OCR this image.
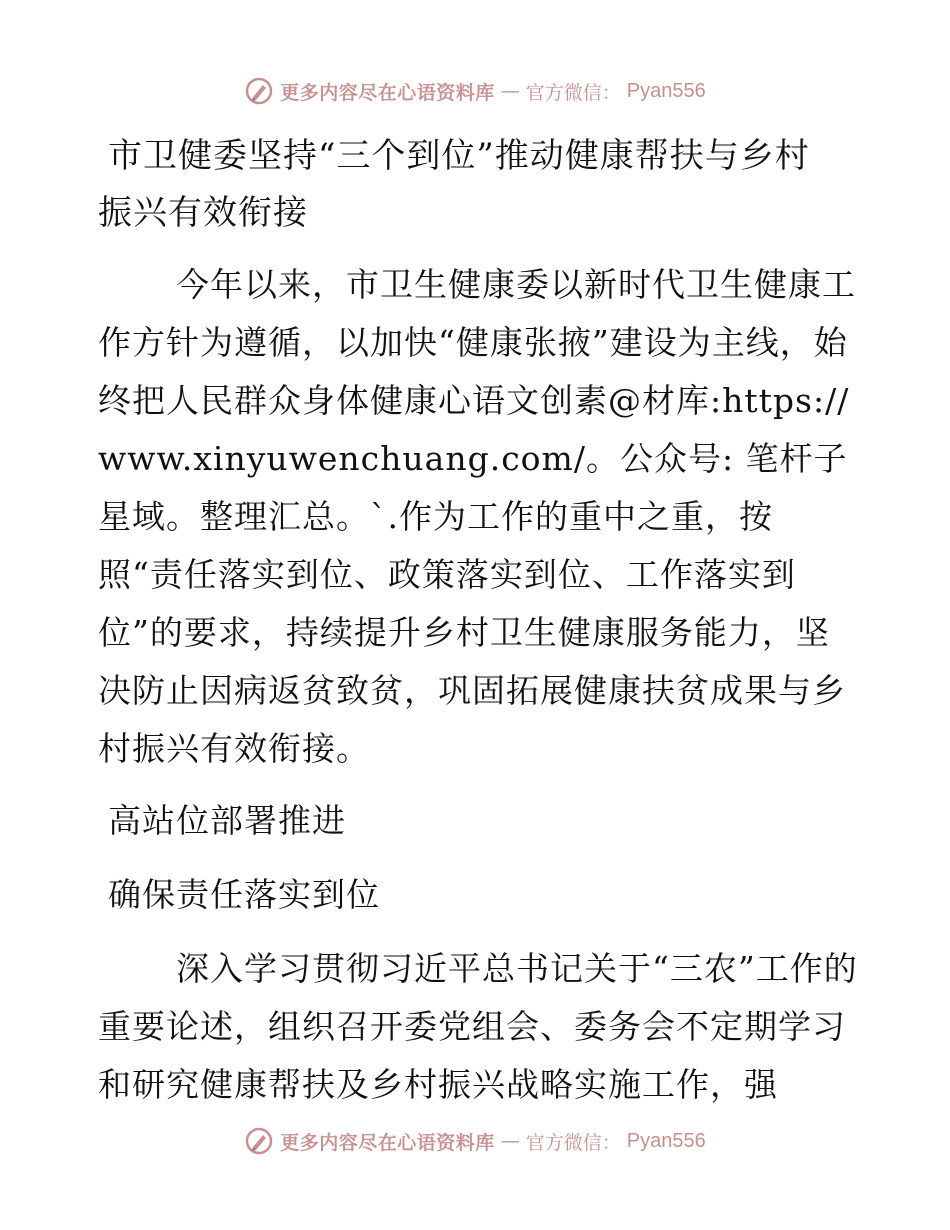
更多内容尽在心语资料库 — 官方微信： Pyan556
市卫健委坚持“三个到位”推动健康帮扶与乡村
振兴有效衔接

今年以来，市卫生健康委以新时代卫生健康工作方针为遵循，以加快“健康张掖”建设为主线，始终把人民群众身体健康心语文创素@材库:https://www.xinyuwenchuang.com/。公众号: 笔杆子星域。整理汇总。`.作为工作的重中之重，按照“责任落实到位、政策落实到位、工作落实到位”的要求，持续提升乡村卫生健康服务能力，坚决防止因病返贫致贫，巩固拓展健康扶贫成果与乡村振兴有效衔接。

高站位部署推进
确保责任落实到位

深入学习贯彻习近平总书记关于“三农”工作的重要论述，组织召开委党组会、委务会不定期学习和研究健康帮扶及乡村振兴战略实施工作，强

更多内容尽在心语资料库 — 官方微信： Pyan556
